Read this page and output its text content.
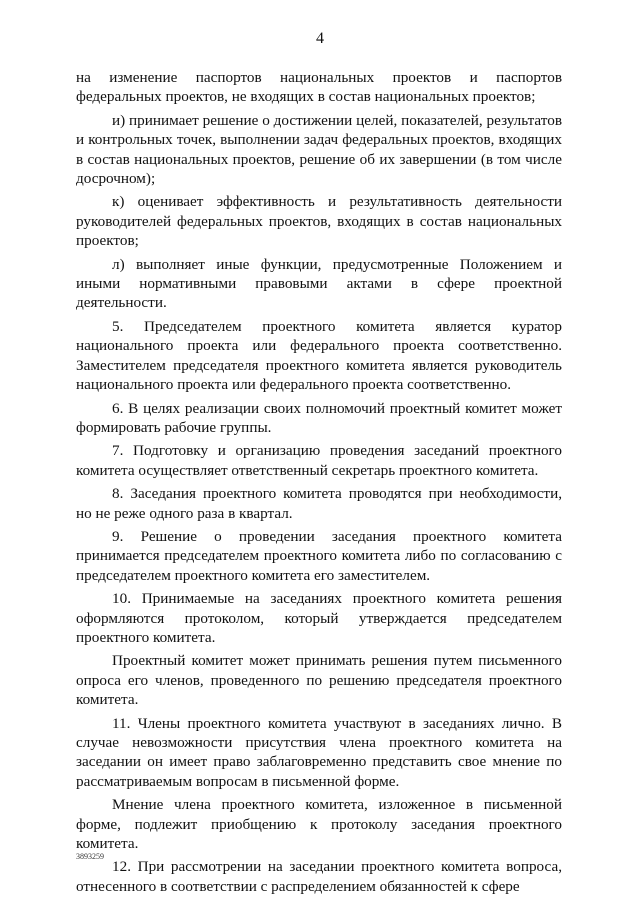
4

на изменение паспортов национальных проектов и паспортов федеральных проектов, не входящих в состав национальных проектов;

и) принимает решение о достижении целей, показателей, результатов и контрольных точек, выполнении задач федеральных проектов, входящих в состав национальных проектов, решение об их завершении (в том числе досрочном);

к) оценивает эффективность и результативность деятельности руководителей федеральных проектов, входящих в состав национальных проектов;

л) выполняет иные функции, предусмотренные Положением и иными нормативными правовыми актами в сфере проектной деятельности.

5. Председателем проектного комитета является куратор национального проекта или федерального проекта соответственно. Заместителем председателя проектного комитета является руководитель национального проекта или федерального проекта соответственно.

6. В целях реализации своих полномочий проектный комитет может формировать рабочие группы.

7. Подготовку и организацию проведения заседаний проектного комитета осуществляет ответственный секретарь проектного комитета.

8. Заседания проектного комитета проводятся при необходимости, но не реже одного раза в квартал.

9. Решение о проведении заседания проектного комитета принимается председателем проектного комитета либо по согласованию с председателем проектного комитета его заместителем.

10. Принимаемые на заседаниях проектного комитета решения оформляются протоколом, который утверждается председателем проектного комитета.

Проектный комитет может принимать решения путем письменного опроса его членов, проведенного по решению председателя проектного комитета.

11. Члены проектного комитета участвуют в заседаниях лично. В случае невозможности присутствия члена проектного комитета на заседании он имеет право заблаговременно представить свое мнение по рассматриваемым вопросам в письменной форме.

Мнение члена проектного комитета, изложенное в письменной форме, подлежит приобщению к протоколу заседания проектного комитета.

12. При рассмотрении на заседании проектного комитета вопроса, отнесенного в соответствии с распределением обязанностей к сфере

3893259
